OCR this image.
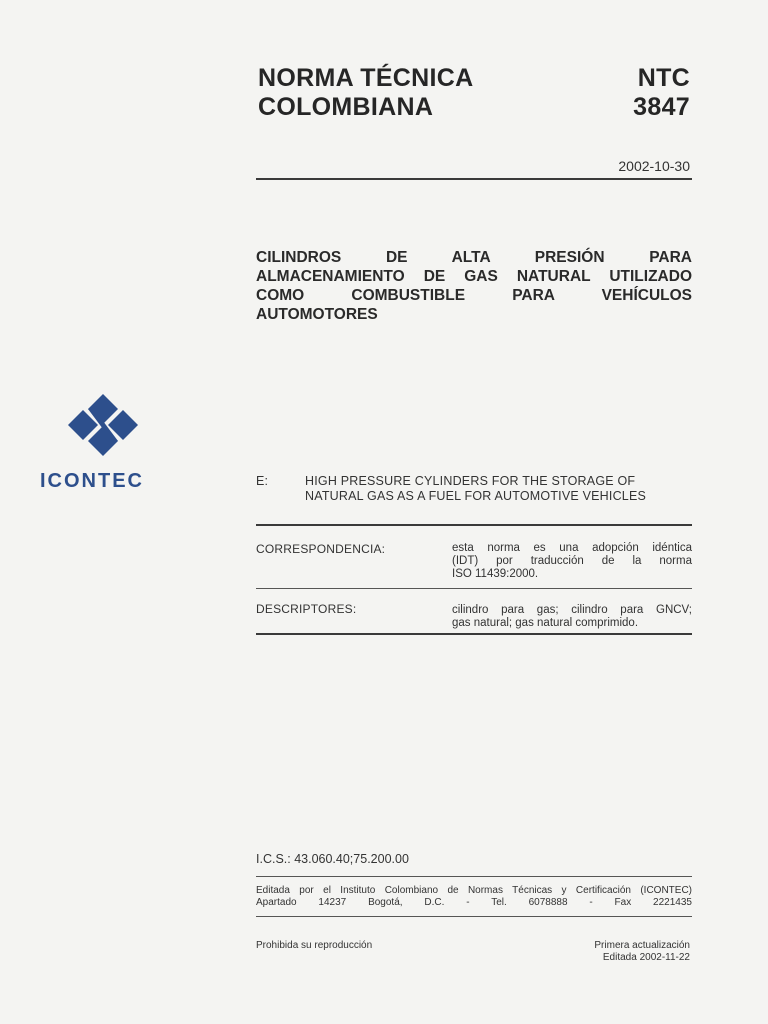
NORMA TÉCNICA
COLOMBIANA
NTC
3847
2002-10-30
CILINDROS DE ALTA PRESIÓN PARA
ALMACENAMIENTO DE GAS NATURAL UTILIZADO
COMO COMBUSTIBLE PARA VEHÍCULOS
AUTOMOTORES
ICONTEC	E:	HIGH PRESSURE CYLINDERS FOR THE STORAGE OF
NATURAL GAS AS A FUEL FOR AUTOMOTIVE VEHICLES
CORRESPONDENCIA:	esta norma es una adopción idéntica
(IDT) por traducción de la norma
ISO 11439:2000.
DESCRIPTORES:	cilindro para gas; cilindro para GNCV;
gas natural; gas natural comprimido.
I.C.S.: 43.060.40;75.200.00
Editada por el Instituto Colombiano de Normas Técnicas y Certificación (ICONTEC)
Apartado 14237 Bogotá, D.C. - Tel. 6078888 - Fax 2221435
Prohibida su reproducción	Primera actualización
Editada 2002-11-22
